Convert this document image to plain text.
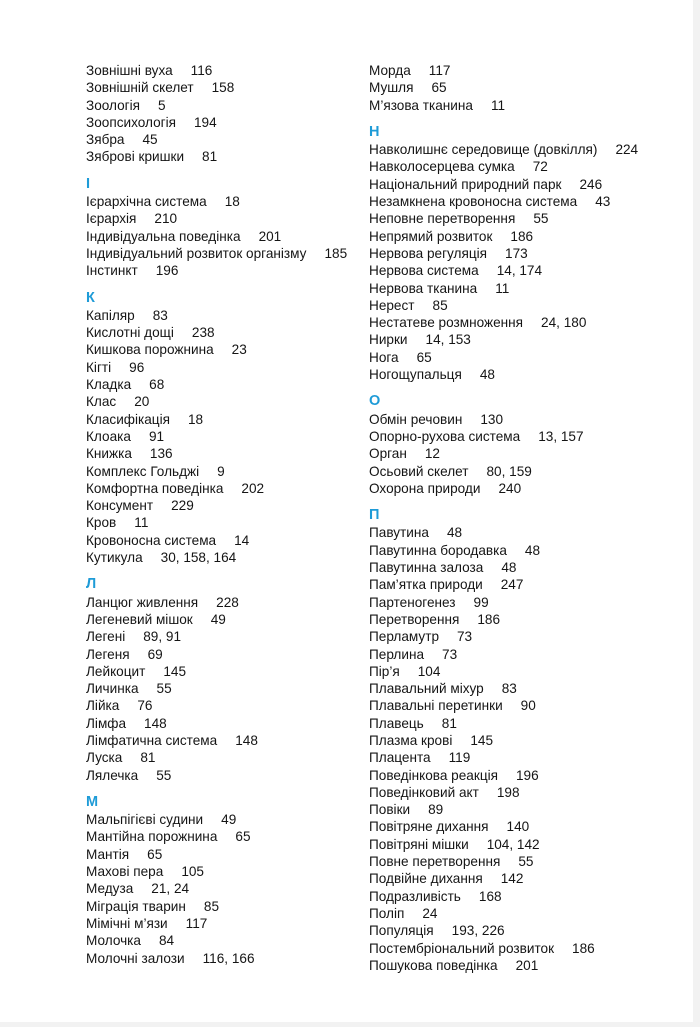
Зовнішні вуха 116
Зовнішній скелет 158
Зоологія 5
Зоопсихологія 194
Зябра 45
Зяброві кришки 81
І
Ієрархічна система 18
Ієрархія 210
Індивідуальна поведінка 201
Індивідуальний розвиток організму 185
Інстинкт 196
К
Капіляр 83
Кислотні дощі 238
Кишкова порожнина 23
Кігті 96
Кладка 68
Клас 20
Класифікація 18
Клоака 91
Книжка 136
Комплекс Гольджі 9
Комфортна поведінка 202
Консумент 229
Кров 11
Кровоносна система 14
Кутикула 30, 158, 164
Л
Ланцюг живлення 228
Легеневий мішок 49
Легені 89, 91
Легеня 69
Лейкоцит 145
Личинка 55
Лійка 76
Лімфа 148
Лімфатична система 148
Луска 81
Лялечка 55
М
Мальпігієві судини 49
Мантійна порожнина 65
Мантія 65
Махові пера 105
Медуза 21, 24
Міграція тварин 85
Мімічні м’язи 117
Молочка 84
Молочні залози 116, 166
Морда 117
Мушля 65
М’язова тканина 11
Н
Навколишнє середовище (довкілля) 224
Навколосерцева сумка 72
Національний природний парк 246
Незамкнена кровоносна система 43
Неповне перетворення 55
Непрямий розвиток 186
Нервова регуляція 173
Нервова система 14, 174
Нервова тканина 11
Нерест 85
Нестатеве розмноження 24, 180
Нирки 14, 153
Нога 65
Ногощупальця 48
О
Обмін речовин 130
Опорно-рухова система 13, 157
Орган 12
Осьовий скелет 80, 159
Охорона природи 240
П
Павутина 48
Павутинна бородавка 48
Павутинна залоза 48
Пам’ятка природи 247
Партеногенез 99
Перетворення 186
Перламутр 73
Перлина 73
Пір’я 104
Плавальний міхур 83
Плавальні перетинки 90
Плавець 81
Плазма крові 145
Плацента 119
Поведінкова реакція 196
Поведінковий акт 198
Повіки 89
Повітряне дихання 140
Повітряні мішки 104, 142
Повне перетворення 55
Подвійне дихання 142
Подразливість 168
Поліп 24
Популяція 193, 226
Постембріональний розвиток 186
Пошукова поведінка 201
